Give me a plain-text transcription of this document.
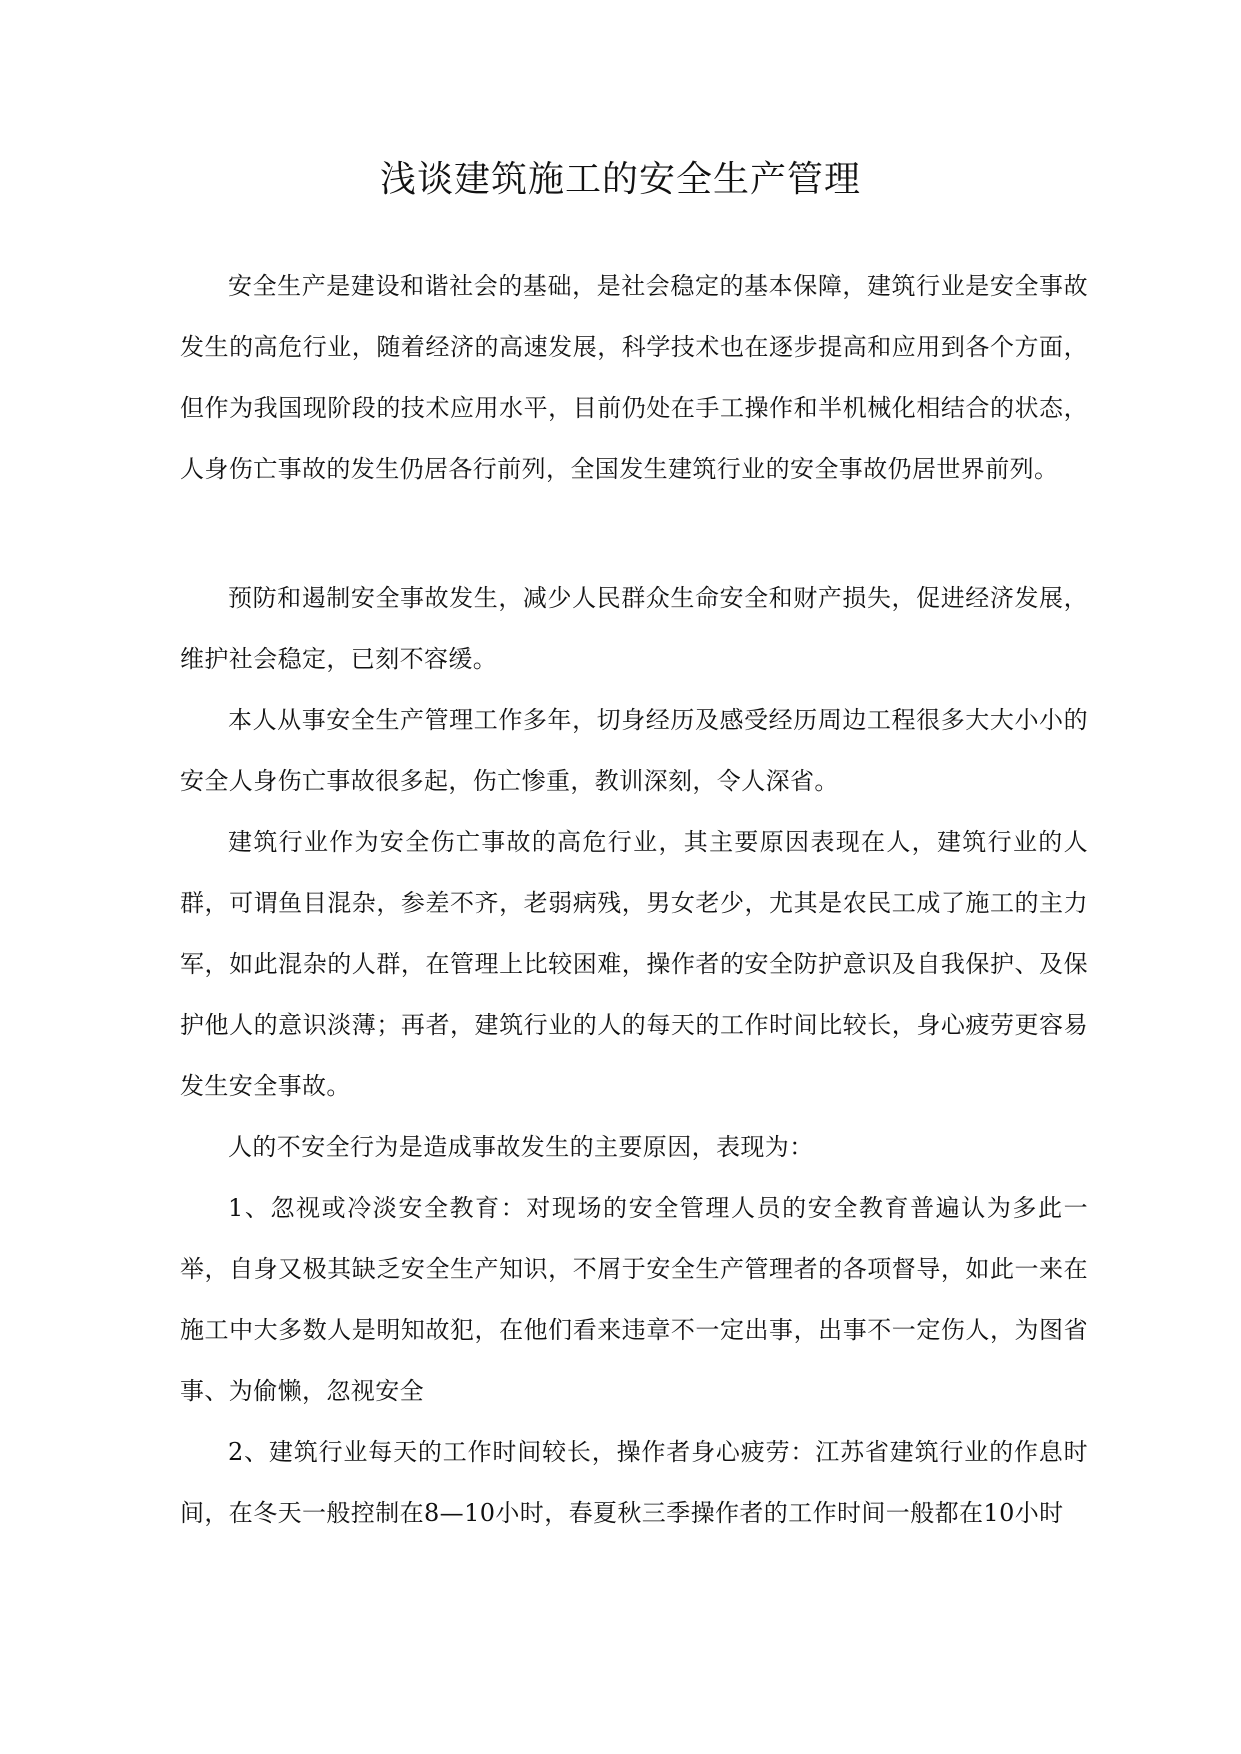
浅谈建筑施工的安全生产管理

安全生产是建设和谐社会的基础，是社会稳定的基本保障，建筑行业是安全事故发生的高危行业，随着经济的高速发展，科学技术也在逐步提高和应用到各个方面，但作为我国现阶段的技术应用水平，目前仍处在手工操作和半机械化相结合的状态，人身伤亡事故的发生仍居各行前列，全国发生建筑行业的安全事故仍居世界前列。

预防和遏制安全事故发生，减少人民群众生命安全和财产损失，促进经济发展，维护社会稳定，已刻不容缓。

本人从事安全生产管理工作多年，切身经历及感受经历周边工程很多大大小小的安全人身伤亡事故很多起，伤亡惨重，教训深刻，令人深省。

建筑行业作为安全伤亡事故的高危行业，其主要原因表现在人，建筑行业的人群，可谓鱼目混杂，参差不齐，老弱病残，男女老少，尤其是农民工成了施工的主力军，如此混杂的人群，在管理上比较困难，操作者的安全防护意识及自我保护、及保护他人的意识淡薄；再者，建筑行业的人的每天的工作时间比较长，身心疲劳更容易发生安全事故。

人的不安全行为是造成事故发生的主要原因，表现为：

1、忽视或冷淡安全教育：对现场的安全管理人员的安全教育普遍认为多此一举，自身又极其缺乏安全生产知识，不屑于安全生产管理者的各项督导，如此一来在施工中大多数人是明知故犯，在他们看来违章不一定出事，出事不一定伤人，为图省事、为偷懒，忽视安全

2、建筑行业每天的工作时间较长，操作者身心疲劳：江苏省建筑行业的作息时间，在冬天一般控制在8—10小时，春夏秋三季操作者的工作时间一般都在10小时
